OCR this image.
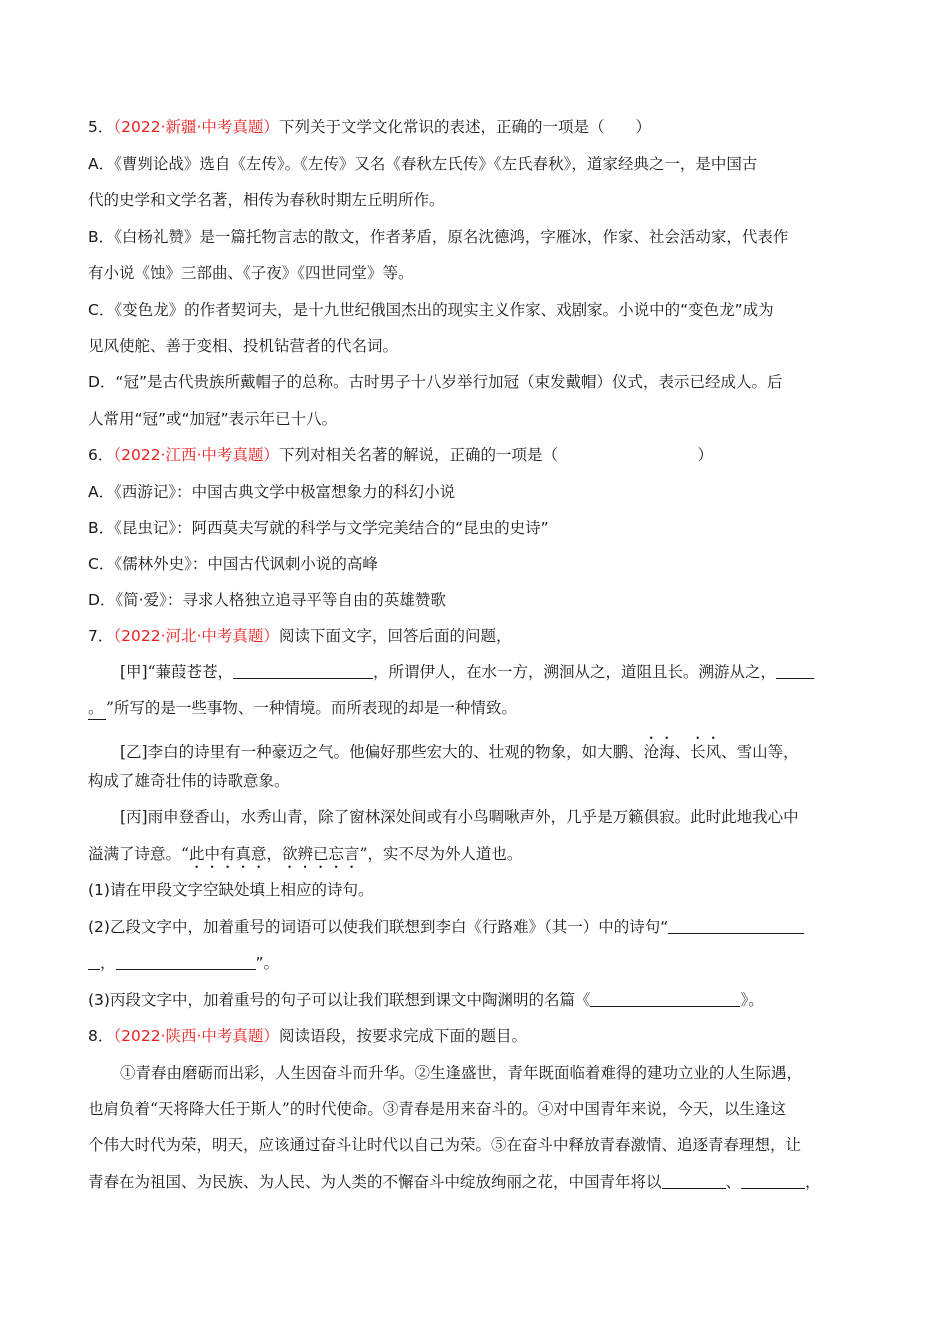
5．（2022·新疆·中考真题）下列关于文学文化常识的表述，正确的一项是（　　）
A．《曹刿论战》选自《左传》。《左传》又名《春秋左氏传》《左氏春秋》，道家经典之一，是中国古
代的史学和文学名著，相传为春秋时期左丘明所作。
B．《白杨礼赞》是一篇托物言志的散文，作者茅盾，原名沈德鸿，字雁冰，作家、社会活动家，代表作
有小说《蚀》三部曲、《子夜》《四世同堂》等。
C．《变色龙》的作者契诃夫，是十九世纪俄国杰出的现实主义作家、戏剧家。小说中的“变色龙”成为
见风使舵、善于变相、投机钻营者的代名词。
D．“冠”是古代贵族所戴帽子的总称。古时男子十八岁举行加冠（束发戴帽）仪式，表示已经成人。后
人常用“冠”或“加冠”表示年已十八。
6．（2022·江西·中考真题）下列对相关名著的解说，正确的一项是（　　　　　　　　　）
A．《西游记》：中国古典文学中极富想象力的科幻小说
B．《昆虫记》：阿西莫夫写就的科学与文学完美结合的“昆虫的史诗”
C．《儒林外史》：中国古代讽刺小说的高峰
D．《简·爱》：寻求人格独立追寻平等自由的英雄赞歌
7．（2022·河北·中考真题）阅读下面文字，回答后面的问题，
[甲]“蒹葭苍苍，	，所谓伊人，在水一方，溯洄从之，道阻且长。溯游从之，
。 ”所写的是一些事物、一种情境。而所表现的却是一种情致。
[乙]李白的诗里有一种豪迈之气。他偏好那些宏大的、壮观的物象，如大鹏、沧海、长风、雪山等，
构成了雄奇壮伟的诗歌意象。
[丙]雨申登香山，水秀山青，除了窗林深处间或有小鸟啁啾声外，几乎是万籁俱寂。此时此地我心中
溢满了诗意。“此中有真意，欲辨已忘言”，实不尽为外人道也。
(1)请在甲段文字空缺处填上相应的诗句。
(2)乙段文字中，加着重号的词语可以使我们联想到李白《行路难》（其一）中的诗句“
，	”。
(3)丙段文字中，加着重号的句子可以让我们联想到课文中陶渊明的名篇《	》。
8．（2022·陕西·中考真题）阅读语段，按要求完成下面的题目。
①青春由磨砺而出彩，人生因奋斗而升华。②生逢盛世，青年既面临着难得的建功立业的人生际遇，
也肩负着“天将降大任于斯人”的时代使命。③青春是用来奋斗的。④对中国青年来说，今天，以生逢这
个伟大时代为荣，明天，应该通过奋斗让时代以自己为荣。⑤在奋斗中释放青春激情、追逐青春理想，让
青春在为祖国、为民族、为人民、为人类的不懈奋斗中绽放绚丽之花，中国青年将以	、	，
